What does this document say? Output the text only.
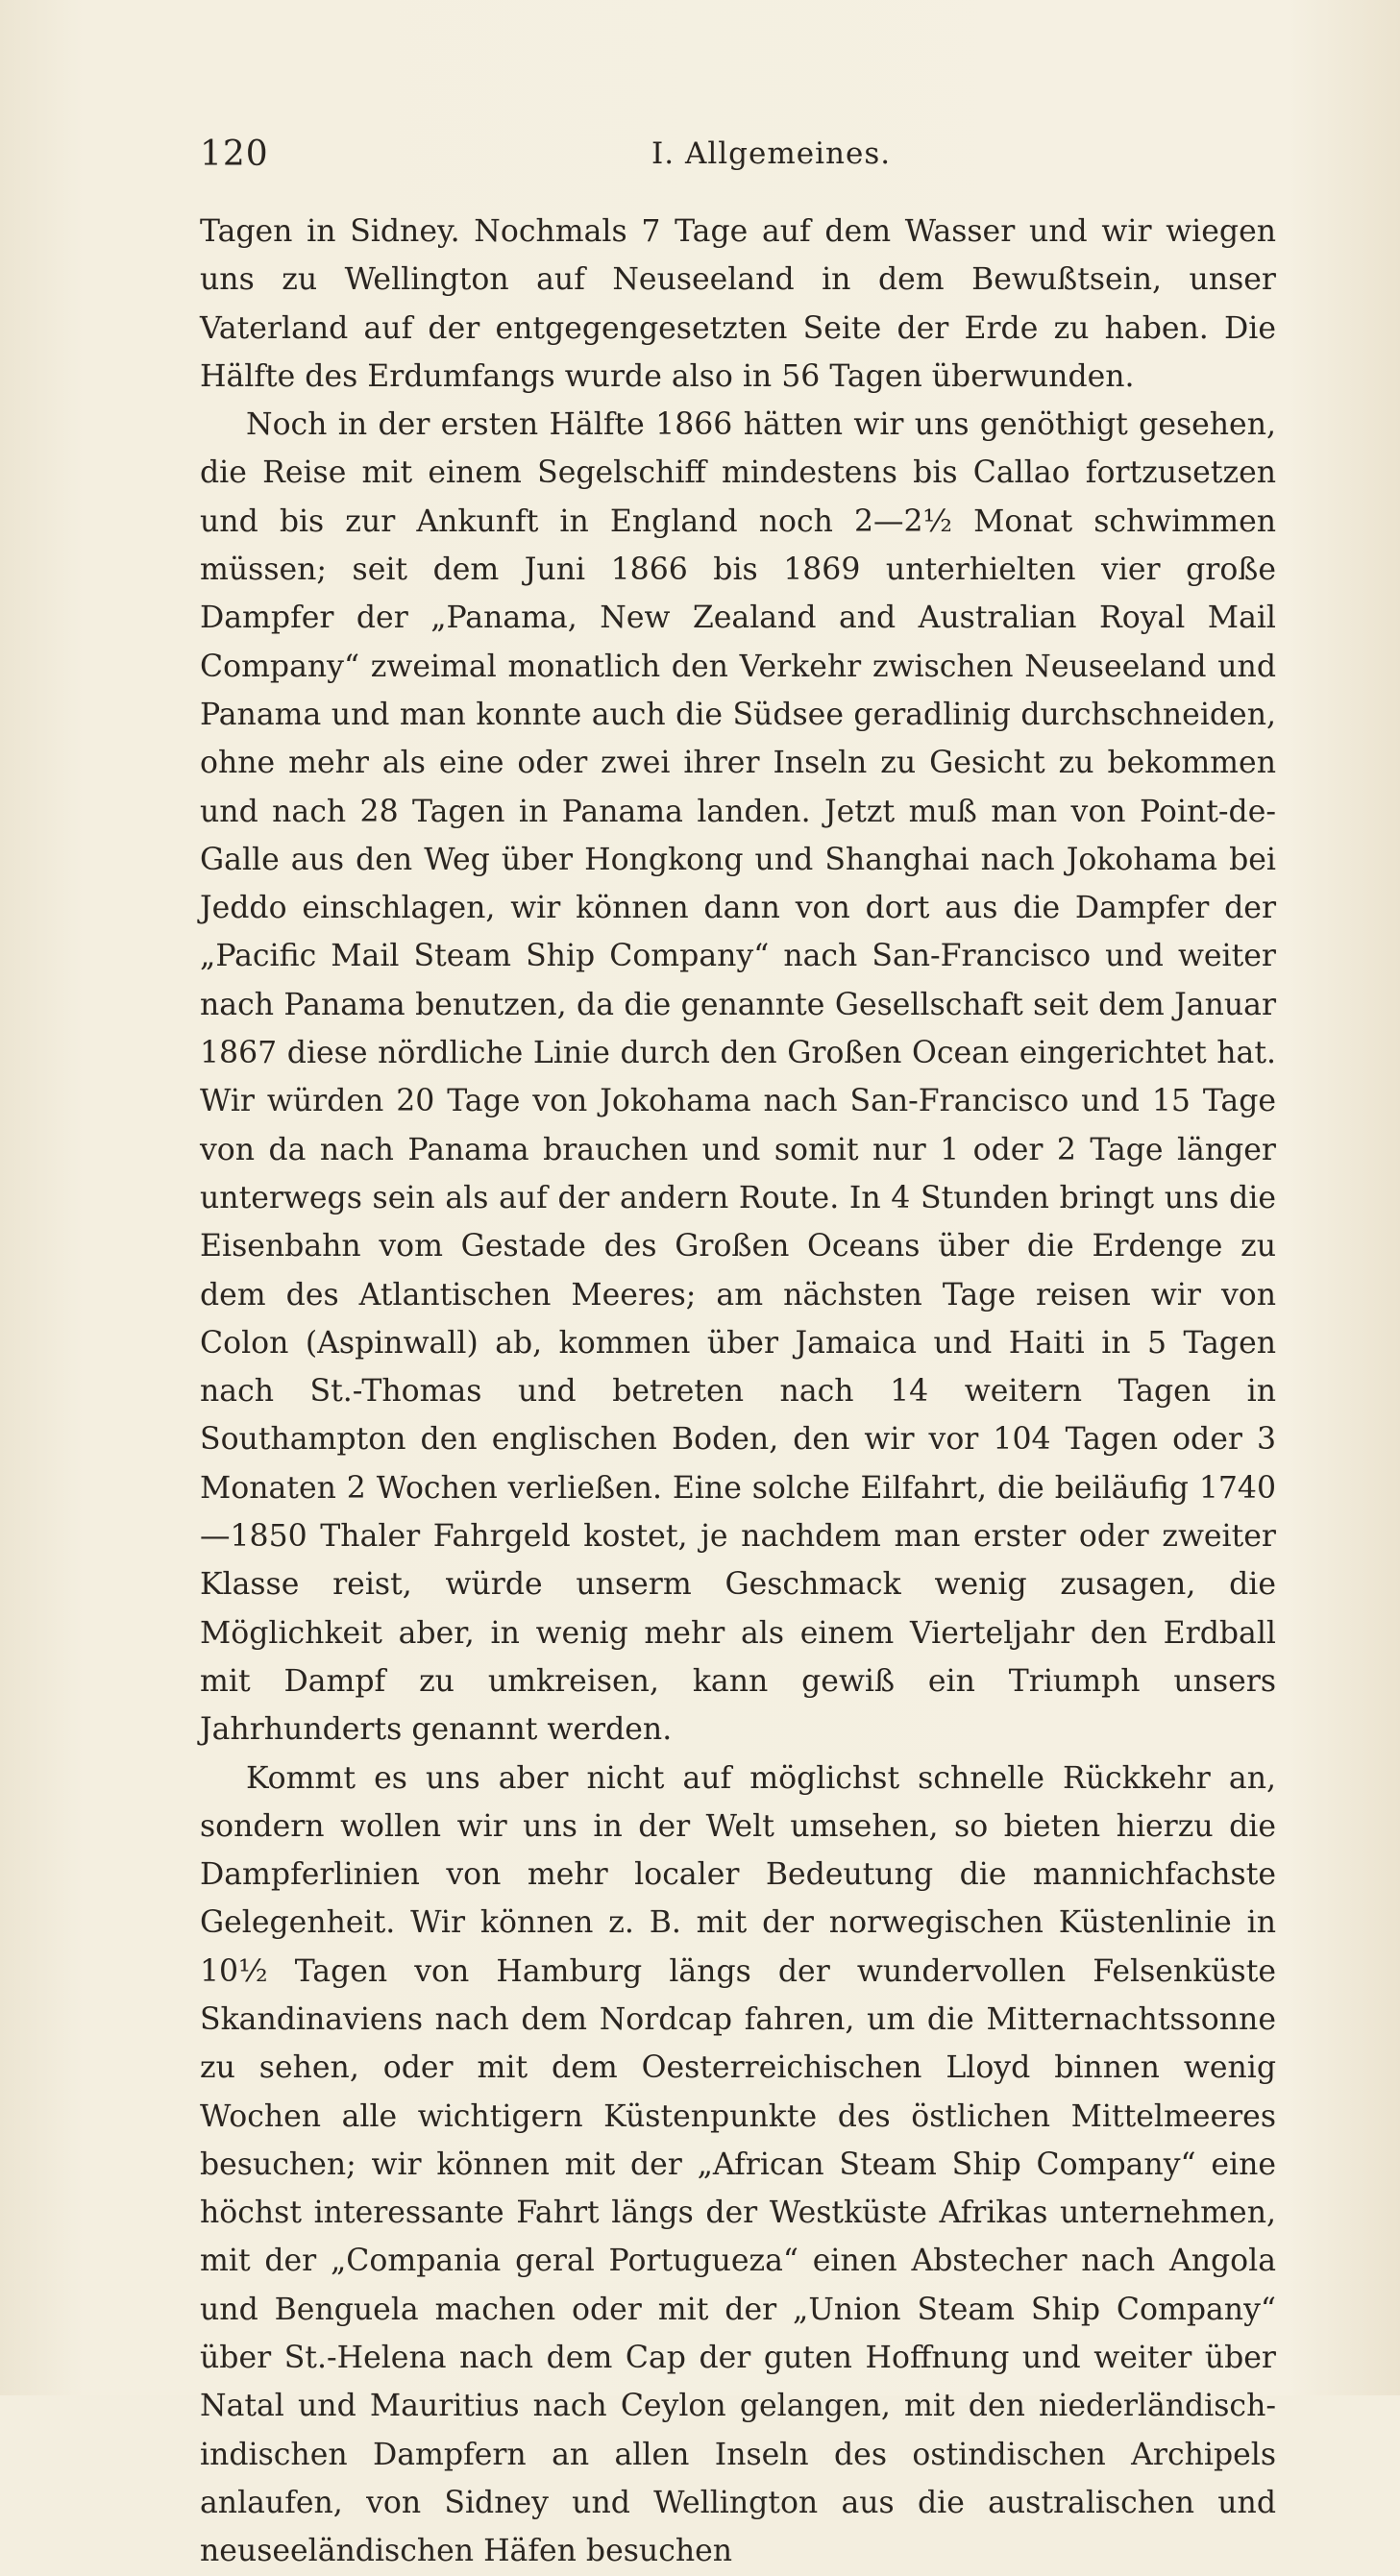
120	I. Allgemeines.

Tagen in Sidney. Nochmals 7 Tage auf dem Wasser und wir wiegen uns zu Wellington auf Neuseeland in dem Bewußtsein, unser Vaterland auf der entgegengesetzten Seite der Erde zu haben. Die Hälfte des Erdumfangs wurde also in 56 Tagen überwunden.

Noch in der ersten Hälfte 1866 hätten wir uns genöthigt gesehen, die Reise mit einem Segelschiff mindestens bis Callao fortzusetzen und bis zur Ankunft in England noch 2—2½ Monat schwimmen müssen; seit dem Juni 1866 bis 1869 unterhielten vier große Dampfer der „Panama, New Zealand and Australian Royal Mail Company“ zweimal monatlich den Verkehr zwischen Neuseeland und Panama und man konnte auch die Südsee geradlinig durchschneiden, ohne mehr als eine oder zwei ihrer Inseln zu Gesicht zu bekommen und nach 28 Tagen in Panama landen. Jetzt muß man von Point-de-Galle aus den Weg über Hongkong und Shanghai nach Jokohama bei Jeddo einschlagen, wir können dann von dort aus die Dampfer der „Pacific Mail Steam Ship Company“ nach San-Francisco und weiter nach Panama benutzen, da die genannte Gesellschaft seit dem Januar 1867 diese nördliche Linie durch den Großen Ocean eingerichtet hat. Wir würden 20 Tage von Jokohama nach San-Francisco und 15 Tage von da nach Panama brauchen und somit nur 1 oder 2 Tage länger unterwegs sein als auf der andern Route. In 4 Stunden bringt uns die Eisenbahn vom Gestade des Großen Oceans über die Erdenge zu dem des Atlantischen Meeres; am nächsten Tage reisen wir von Colon (Aspinwall) ab, kommen über Jamaica und Haiti in 5 Tagen nach St.-Thomas und betreten nach 14 weitern Tagen in Southampton den englischen Boden, den wir vor 104 Tagen oder 3 Monaten 2 Wochen verließen. Eine solche Eilfahrt, die beiläufig 1740—1850 Thaler Fahrgeld kostet, je nachdem man erster oder zweiter Klasse reist, würde unserm Geschmack wenig zusagen, die Möglichkeit aber, in wenig mehr als einem Vierteljahr den Erdball mit Dampf zu umkreisen, kann gewiß ein Triumph unsers Jahrhunderts genannt werden.

Kommt es uns aber nicht auf möglichst schnelle Rückkehr an, sondern wollen wir uns in der Welt umsehen, so bieten hierzu die Dampferlinien von mehr localer Bedeutung die mannichfachste Gelegenheit. Wir können z. B. mit der norwegischen Küstenlinie in 10½ Tagen von Hamburg längs der wundervollen Felsenküste Skandinaviens nach dem Nordcap fahren, um die Mitternachtssonne zu sehen, oder mit dem Oesterreichischen Lloyd binnen wenig Wochen alle wichtigern Küstenpunkte des östlichen Mittelmeeres besuchen; wir können mit der „African Steam Ship Company“ eine höchst interessante Fahrt längs der Westküste Afrikas unternehmen, mit der „Compania geral Portugueza“ einen Abstecher nach Angola und Benguela machen oder mit der „Union Steam Ship Company“ über St.-Helena nach dem Cap der guten Hoffnung und weiter über Natal und Mauritius nach Ceylon gelangen, mit den niederländisch-indischen Dampfern an allen Inseln des ostindischen Archipels anlaufen, von Sidney und Wellington aus die australischen und neuseeländischen Häfen besuchen
